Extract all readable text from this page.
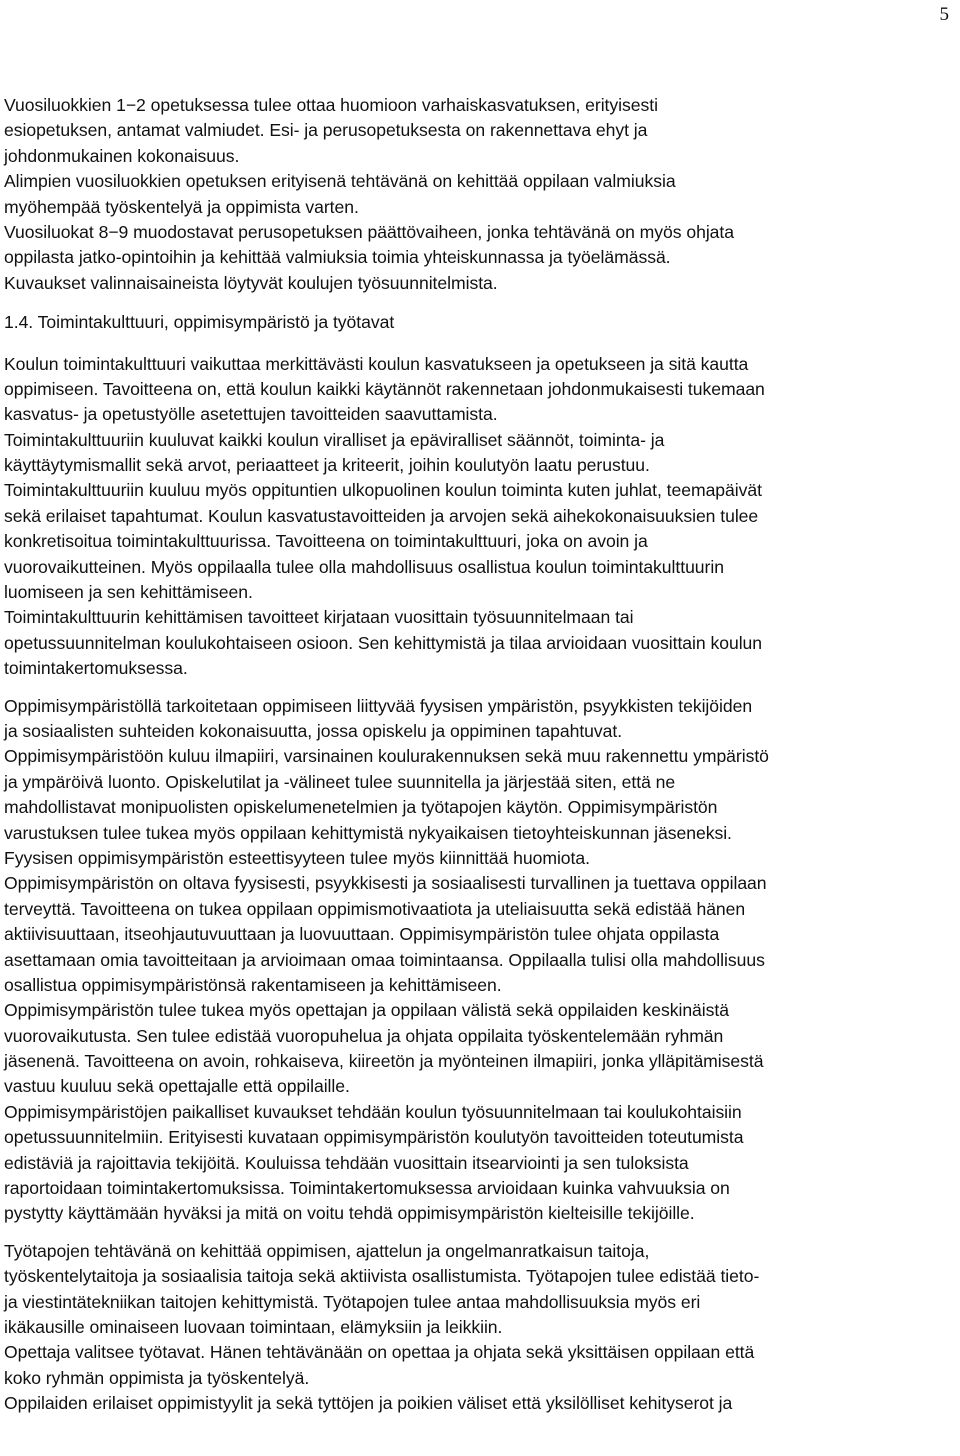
5
Vuosiluokkien 1−2 opetuksessa tulee ottaa huomioon varhaiskasvatuksen, erityisesti
esiopetuksen, antamat valmiudet. Esi- ja perusopetuksesta on rakennettava ehyt ja
johdonmukainen kokonaisuus.
Alimpien vuosiluokkien opetuksen erityisenä tehtävänä on kehittää oppilaan valmiuksia
myöhempää työskentelyä ja oppimista varten.
Vuosiluokat 8−9 muodostavat perusopetuksen päättövaiheen, jonka tehtävänä on myös ohjata
oppilasta jatko-opintoihin ja kehittää valmiuksia toimia yhteiskunnassa ja työelämässä.
Kuvaukset valinnaisaineista löytyvät koulujen työsuunnitelmista.
1.4. Toimintakulttuuri, oppimisympäristö ja työtavat
Koulun toimintakulttuuri vaikuttaa merkittävästi koulun kasvatukseen ja opetukseen ja sitä kautta
oppimiseen. Tavoitteena on, että koulun kaikki käytännöt rakennetaan johdonmukaisesti tukemaan
kasvatus- ja opetustyölle asetettujen tavoitteiden saavuttamista.
Toimintakulttuuriin kuuluvat kaikki koulun viralliset ja epäviralliset säännöt, toiminta- ja
käyttäytymismallit sekä arvot, periaatteet ja kriteerit, joihin koulutyön laatu perustuu.
Toimintakulttuuriin kuuluu myös oppituntien ulkopuolinen koulun toiminta kuten juhlat, teemapäivät
sekä erilaiset tapahtumat. Koulun kasvatustavoitteiden ja arvojen sekä aihekokonaisuuksien tulee
konkretisoitua toimintakulttuurissa. Tavoitteena on toimintakulttuuri, joka on avoin ja
vuorovaikutteinen. Myös oppilaalla tulee olla mahdollisuus osallistua koulun toimintakulttuurin
luomiseen ja sen kehittämiseen.
Toimintakulttuurin kehittämisen tavoitteet kirjataan vuosittain työsuunnitelmaan tai
opetussuunnitelman koulukohtaiseen osioon. Sen kehittymistä ja tilaa arvioidaan vuosittain koulun
toimintakertomuksessa.
Oppimisympäristöllä tarkoitetaan oppimiseen liittyvää fyysisen ympäristön, psyykkisten tekijöiden
ja sosiaalisten suhteiden kokonaisuutta, jossa opiskelu ja oppiminen tapahtuvat.
Oppimisympäristöön kuluu ilmapiiri, varsinainen koulurakennuksen sekä muu rakennettu ympäristö
ja ympäröivä luonto. Opiskelutilat ja -välineet tulee suunnitella ja järjestää siten, että ne
mahdollistavat monipuolisten opiskelumenetelmien ja työtapojen käytön. Oppimisympäristön
varustuksen tulee tukea myös oppilaan kehittymistä nykyaikaisen tietoyhteiskunnan jäseneksi.
Fyysisen oppimisympäristön esteettisyyteen tulee myös kiinnittää huomiota.
Oppimisympäristön on oltava fyysisesti, psyykkisesti ja sosiaalisesti turvallinen ja tuettava oppilaan
terveyttä. Tavoitteena on tukea oppilaan oppimismotivaatiota ja uteliaisuutta sekä edistää hänen
aktiivisuuttaan, itseohjautuvuuttaan ja luovuuttaan. Oppimisympäristön tulee ohjata oppilasta
asettamaan omia tavoitteitaan ja arvioimaan omaa toimintaansa. Oppilaalla tulisi olla mahdollisuus
osallistua oppimisympäristönsä rakentamiseen ja kehittämiseen.
Oppimisympäristön tulee tukea myös opettajan ja oppilaan välistä sekä oppilaiden keskinäistä
vuorovaikutusta. Sen tulee edistää vuoropuhelua ja ohjata oppilaita työskentelemään ryhmän
jäsenenä. Tavoitteena on avoin, rohkaiseva, kiireetön ja myönteinen ilmapiiri, jonka ylläpitämisestä
vastuu kuuluu sekä opettajalle että oppilaille.
Oppimisympäristöjen paikalliset kuvaukset tehdään koulun työsuunnitelmaan tai koulukohtaisiin
opetussuunnitelmiin. Erityisesti kuvataan oppimisympäristön koulutyön tavoitteiden toteutumista
edistäviä ja rajoittavia tekijöitä. Kouluissa tehdään vuosittain itsearviointi ja sen tuloksista
raportoidaan toimintakertomuksissa. Toimintakertomuksessa arvioidaan kuinka vahvuuksia on
pystytty käyttämään hyväksi ja mitä on voitu tehdä oppimisympäristön kielteisille tekijöille.
Työtapojen tehtävänä on kehittää oppimisen, ajattelun ja ongelmanratkaisun taitoja,
työskentelytaitoja ja sosiaalisia taitoja sekä aktiivista osallistumista. Työtapojen tulee edistää tieto-
ja viestintätekniikan taitojen kehittymistä. Työtapojen tulee antaa mahdollisuuksia myös eri
ikäkausille ominaiseen luovaan toimintaan, elämyksiin ja leikkiin.
Opettaja valitsee työtavat. Hänen tehtävänään on opettaa ja ohjata sekä yksittäisen oppilaan että
koko ryhmän oppimista ja työskentelyä.
Oppilaiden erilaiset oppimistyylit ja sekä tyttöjen ja poikien väliset että yksilölliset kehityserot ja
